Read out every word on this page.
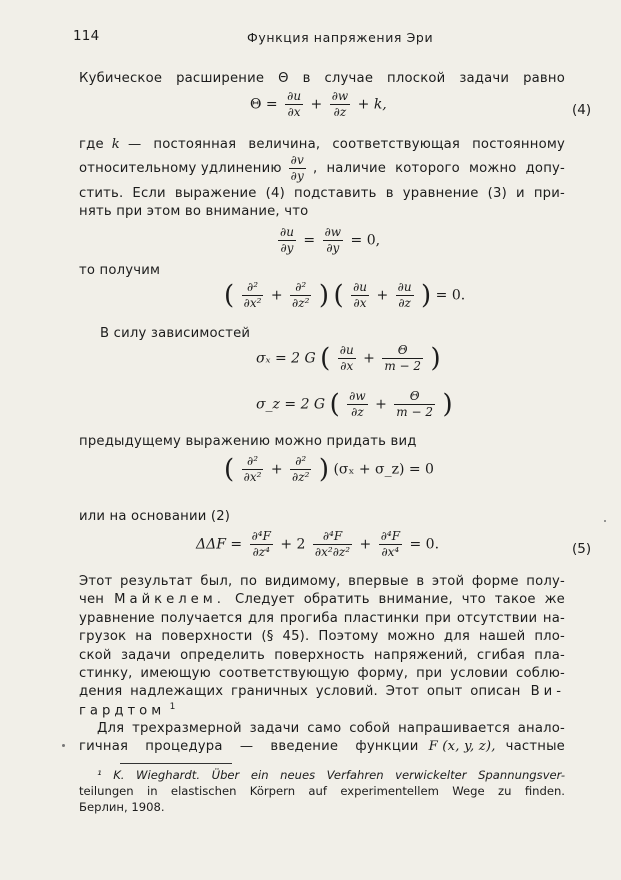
114	Функция напряжения Эри
Кубическое расширение Θ в случае плоской задачи равно
$\Theta = \frac{\partial u}{\partial x} + \frac{\partial w}{\partial z} + k$,	(4)
где k — постоянная величина, соответствующая постоянному
относительному удлинению $\frac{\partial v}{\partial y}$ , наличие которого можно допу-
стить. Если выражение (4) подставить в уравнение (3) и при-
нять при этом во внимание, что
$\frac{\partial u}{\partial y} = \frac{\partial w}{\partial y} = 0$,
то получим
( $\frac{\text{∂²}}{\text{∂x²}} + \frac{\text{∂²}}{\text{∂z²}}$ ) ( $\frac{\partial u}{\partial x} + \frac{\partial u}{\partial z}$ ) = 0.
В силу зависимостей
σₓ = 2 G ( $\frac{\partial u}{\partial x} + \frac{\Theta}{m - 2}$ )
σ_z = 2 G ( $\frac{\partial w}{\partial z} + \frac{\Theta}{m - 2}$ )
предыдущему выражению можно придать вид
( $\frac{\text{∂²}}{\text{∂x²}} + \frac{\text{∂²}}{\text{∂z²}}$ ) (σₓ + σ_z) = 0
или на основании (2)
$\Delta\Delta F = \frac{\text{∂⁴F}}{\text{∂z⁴}} + 2 \frac{\text{∂⁴F}}{\text{∂x²∂z²}} + \frac{\text{∂⁴F}}{\text{∂x⁴}} = 0$.	(5)
Этот результат был, по видимому, впервые в этой форме полу-
чен Майкелем. Следует обратить внимание, что такое же
уравнение получается для прогиба пластинки при отсутствии на-
грузок на поверхности (§ 45). Поэтому можно для нашей пло-
ской задачи определить поверхность напряжений, сгибая пла-
стинку, имеющую соответствующую форму, при условии соблю-
дения надлежащих граничных условий. Этот опыт описан Ви-
гардтом $^1$
Для трехразмерной задачи само собой напрашивается анало-
гичная процедура — введение функции F (x, y, z), частные
¹ K. Wieghardt. Über ein neues Verfahren verwickelter Spannungsver-
teilungen in elastischen Körpern auf experimentellem Wege zu finden.
Берлин, 1908.
